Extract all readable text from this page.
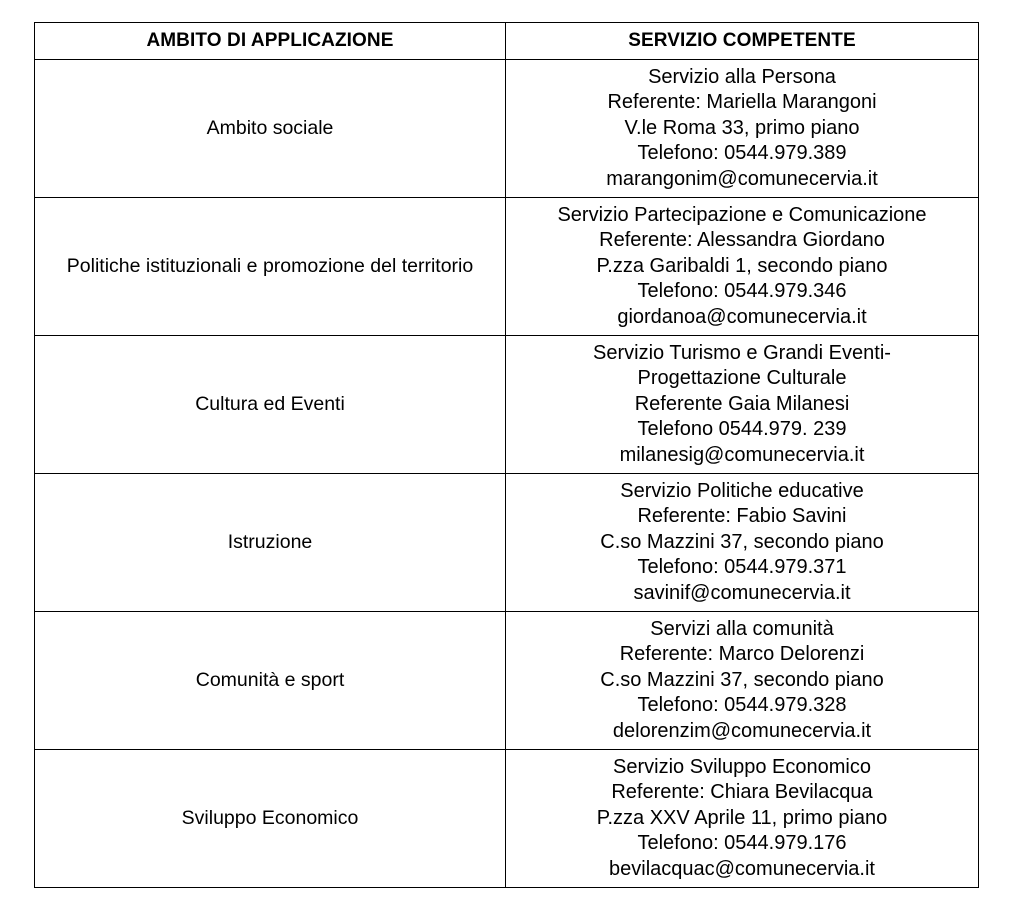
AMBITO DI APPLICAZIONE	SERVIZIO COMPETENTE
Ambito sociale	Servizio alla Persona
Referente: Mariella Marangoni
V.le Roma 33, primo piano
Telefono: 0544.979.389
marangonim@comunecervia.it

Politiche istituzionali e promozione del territorio	Servizio Partecipazione e Comunicazione
Referente: Alessandra Giordano
P.zza Garibaldi 1, secondo piano
Telefono: 0544.979.346
giordanoa@comunecervia.it

Cultura ed Eventi	Servizio Turismo e Grandi Eventi-
Progettazione Culturale
Referente Gaia Milanesi
Telefono 0544.979. 239
milanesig@comunecervia.it

Istruzione	Servizio Politiche educative
Referente: Fabio Savini
C.so Mazzini 37, secondo piano
Telefono: 0544.979.371
savinif@comunecervia.it

Comunità e sport	Servizi alla comunità
Referente: Marco Delorenzi
C.so Mazzini 37, secondo piano
Telefono: 0544.979.328
delorenzim@comunecervia.it

Sviluppo Economico	Servizio Sviluppo Economico
Referente: Chiara Bevilacqua
P.zza XXV Aprile 11, primo piano
Telefono: 0544.979.176
bevilacquac@comunecervia.it
